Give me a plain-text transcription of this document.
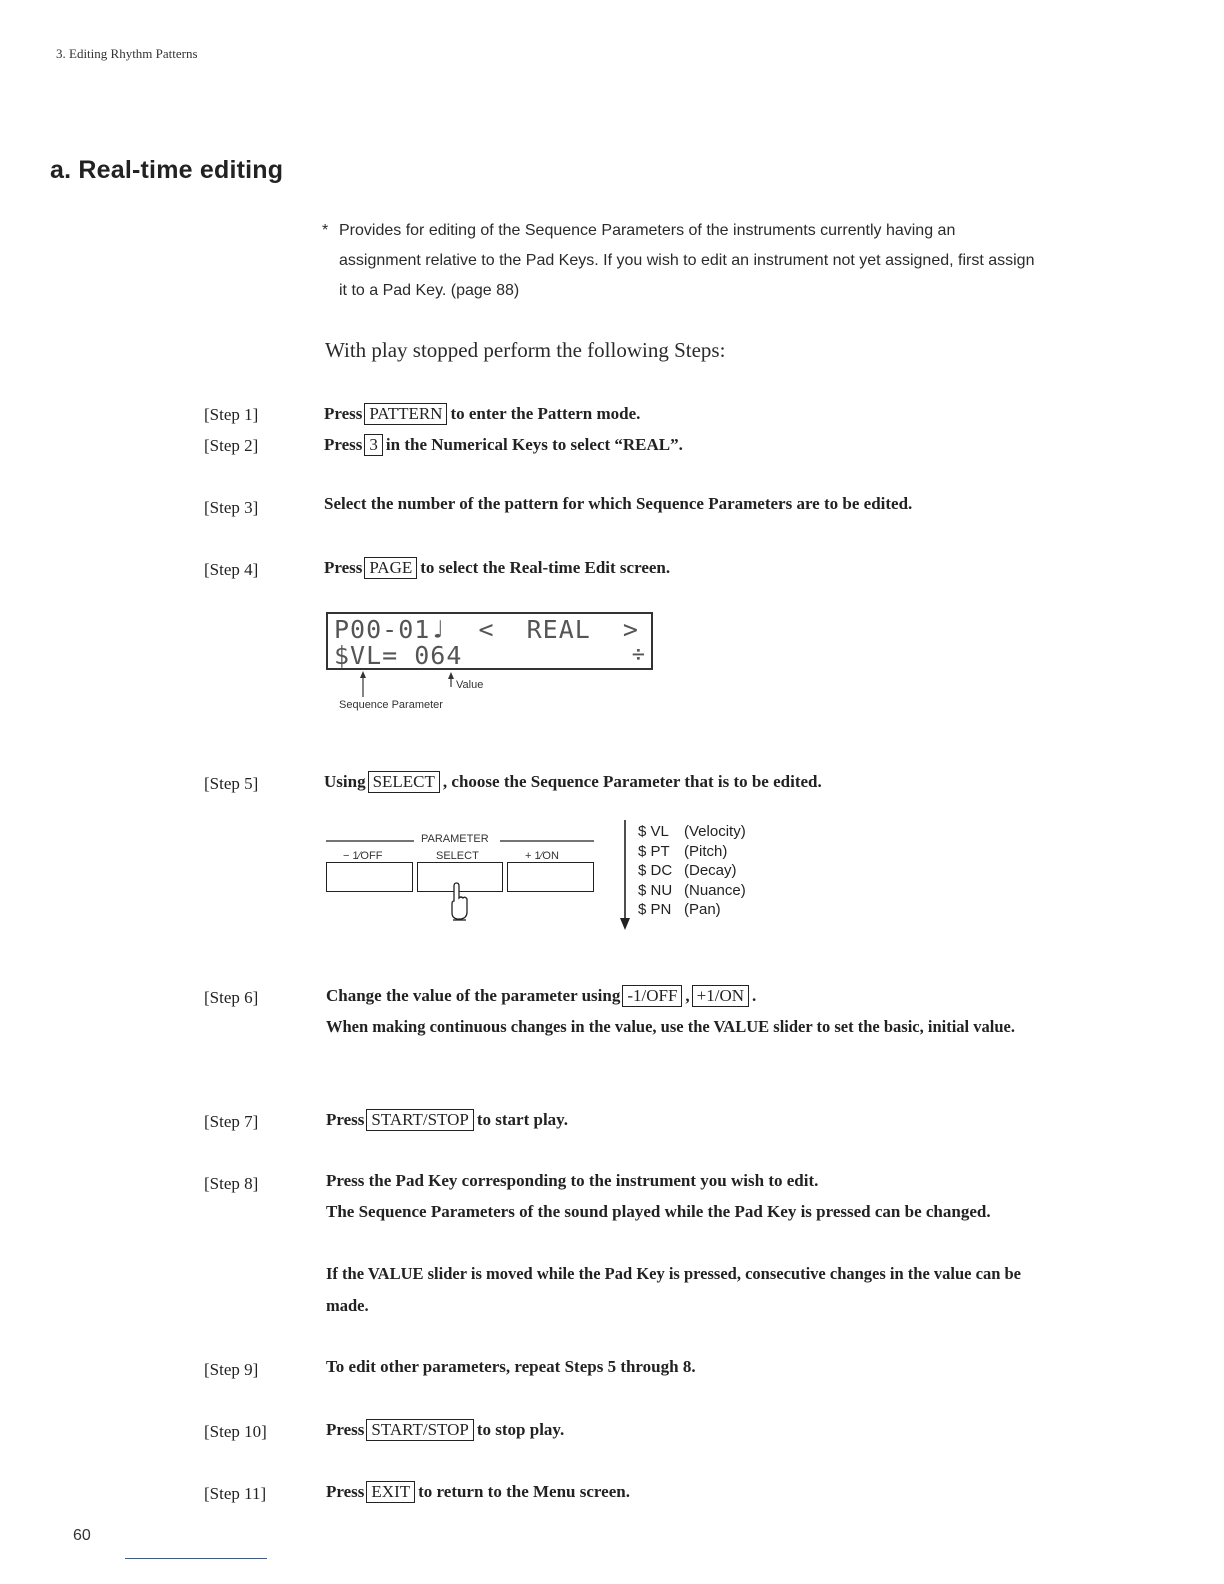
3. Editing Rhythm Patterns
a. Real-time editing
* Provides for editing of the Sequence Parameters of the instruments currently having an assignment relative to the Pad Keys. If you wish to edit an instrument not yet assigned, first assign it to a Pad Key. (page 88)
With play stopped perform the following Steps:
[Step 1]	Press PATTERN to enter the Pattern mode.
[Step 2]	Press 3 in the Numerical Keys to select “REAL”.
[Step 3]	Select the number of the pattern for which Sequence Parameters are to be edited.
[Step 4]	Press PAGE to select the Real-time Edit screen.
P00-01♩  <  REAL  >
$VL= 064	÷
Value
Sequence Parameter
[Step 5]	Using SELECT , choose the Sequence Parameter that is to be edited.
PARAMETER
− 1∕OFF	SELECT	+ 1∕ON
$ VL (Velocity)
$ PT (Pitch)
$ DC (Decay)
$ NU (Nuance)
$ PN (Pan)
[Step 6]	Change the value of the parameter using -1/OFF , +1/ON .
When making continuous changes in the value, use the VALUE slider to set the basic, initial value.
[Step 7]	Press START/STOP to start play.
[Step 8]	Press the Pad Key corresponding to the instrument you wish to edit.
The Sequence Parameters of the sound played while the Pad Key is pressed can be changed.
If the VALUE slider is moved while the Pad Key is pressed, consecutive changes in the value can be made.
[Step 9]	To edit other parameters, repeat Steps 5 through 8.
[Step 10]	Press START/STOP to stop play.
[Step 11]	Press EXIT to return to the Menu screen.
60
